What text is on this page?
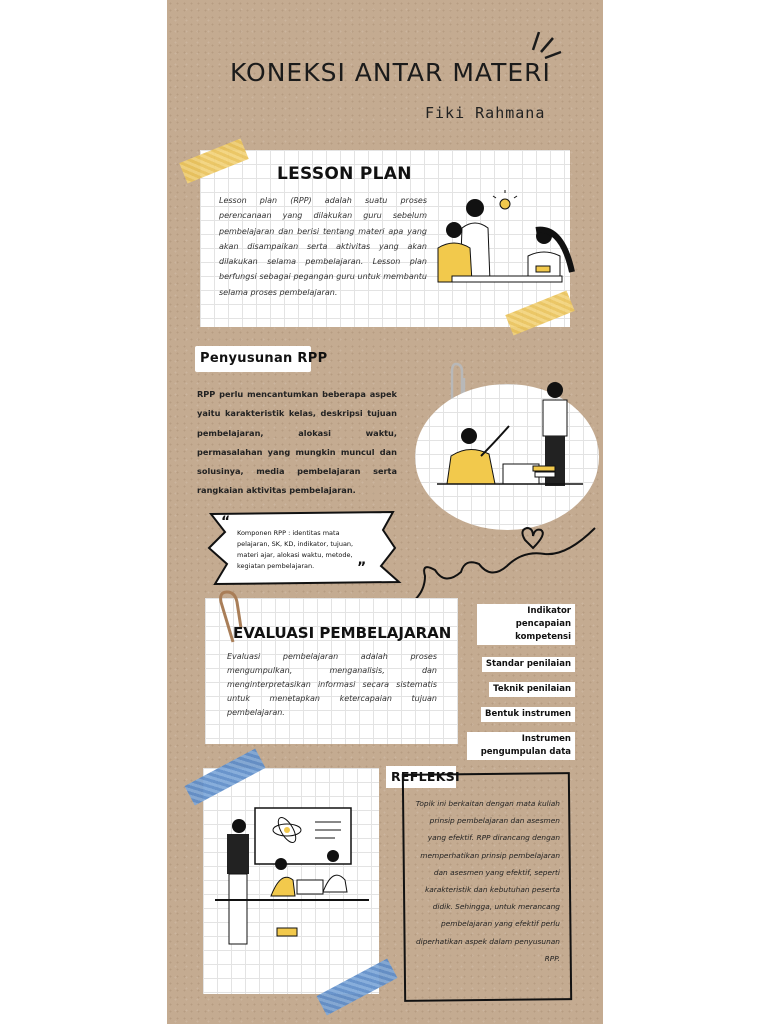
KONEKSI ANTAR MATERI
Fiki Rahmana
LESSON PLAN
Lesson plan (RPP) adalah suatu proses perencanaan yang dilakukan guru sebelum pembelajaran dan berisi tentang materi apa yang akan disampaikan serta aktivitas yang akan dilakukan selama pembelajaran. Lesson plan berfungsi sebagai pegangan guru untuk membantu selama proses pembelajaran.
Penyusunan RPP
RPP perlu mencantumkan beberapa aspek yaitu karakteristik kelas, deskripsi tujuan pembelajaran, alokasi waktu, permasalahan yang mungkin muncul dan solusinya, media pembelajaran serta rangkaian aktivitas pembelajaran.
“
”
Komponen RPP : identitas mata pelajaran, SK, KD, indikator, tujuan, materi ajar, alokasi waktu, metode, kegiatan pembelajaran.
EVALUASI PEMBELAJARAN
Evaluasi pembelajaran adalah proses mengumpulkan, menganalisis, dan menginterpretasikan informasi secara sistematis untuk menetapkan ketercapaian tujuan pembelajaran.
Indikator pencapaian kompetensi
Standar penilaian
Teknik penilaian
Bentuk instrumen
Instrumen pengumpulan data
REFLEKSI
Topik ini berkaitan dengan mata kuliah prinsip pembelajaran dan asesmen yang efektif. RPP dirancang dengan memperhatikan prinsip pembelajaran dan asesmen yang efektif, seperti karakteristik dan kebutuhan peserta didik. Sehingga, untuk merancang pembelajaran yang efektif perlu diperhatikan aspek dalam penyusunan RPP.
